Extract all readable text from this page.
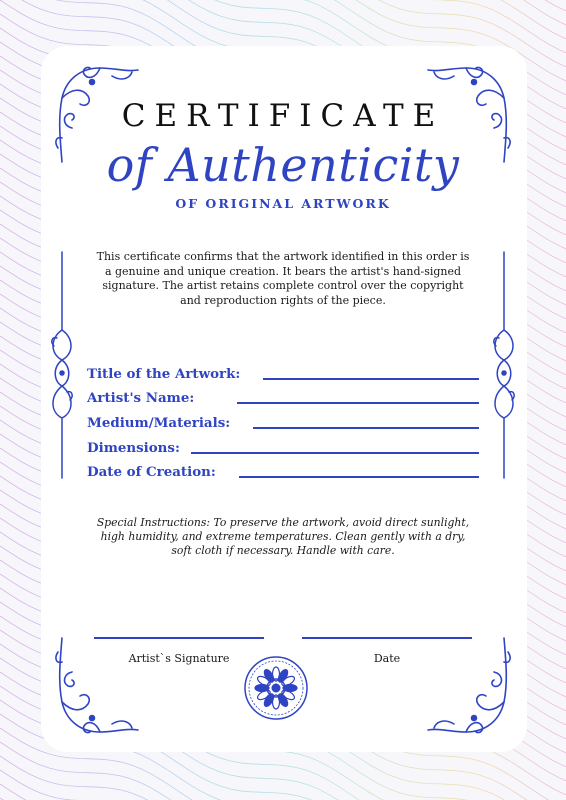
CERTIFICATE
of Authenticity
OF ORIGINAL ARTWORK
This certificate confirms that the artwork identified in this order is a genuine and unique creation. It bears the artist's hand-signed signature. The artist retains complete control over the copyright and reproduction rights of the piece.
Title of the Artwork:
Artist's Name:
Medium/Materials:
Dimensions:
Date of Creation:
Special Instructions: To preserve the artwork, avoid direct sunlight, high humidity, and extreme temperatures. Clean gently with a dry, soft cloth if necessary. Handle with care.
Artist`s Signature	Date
